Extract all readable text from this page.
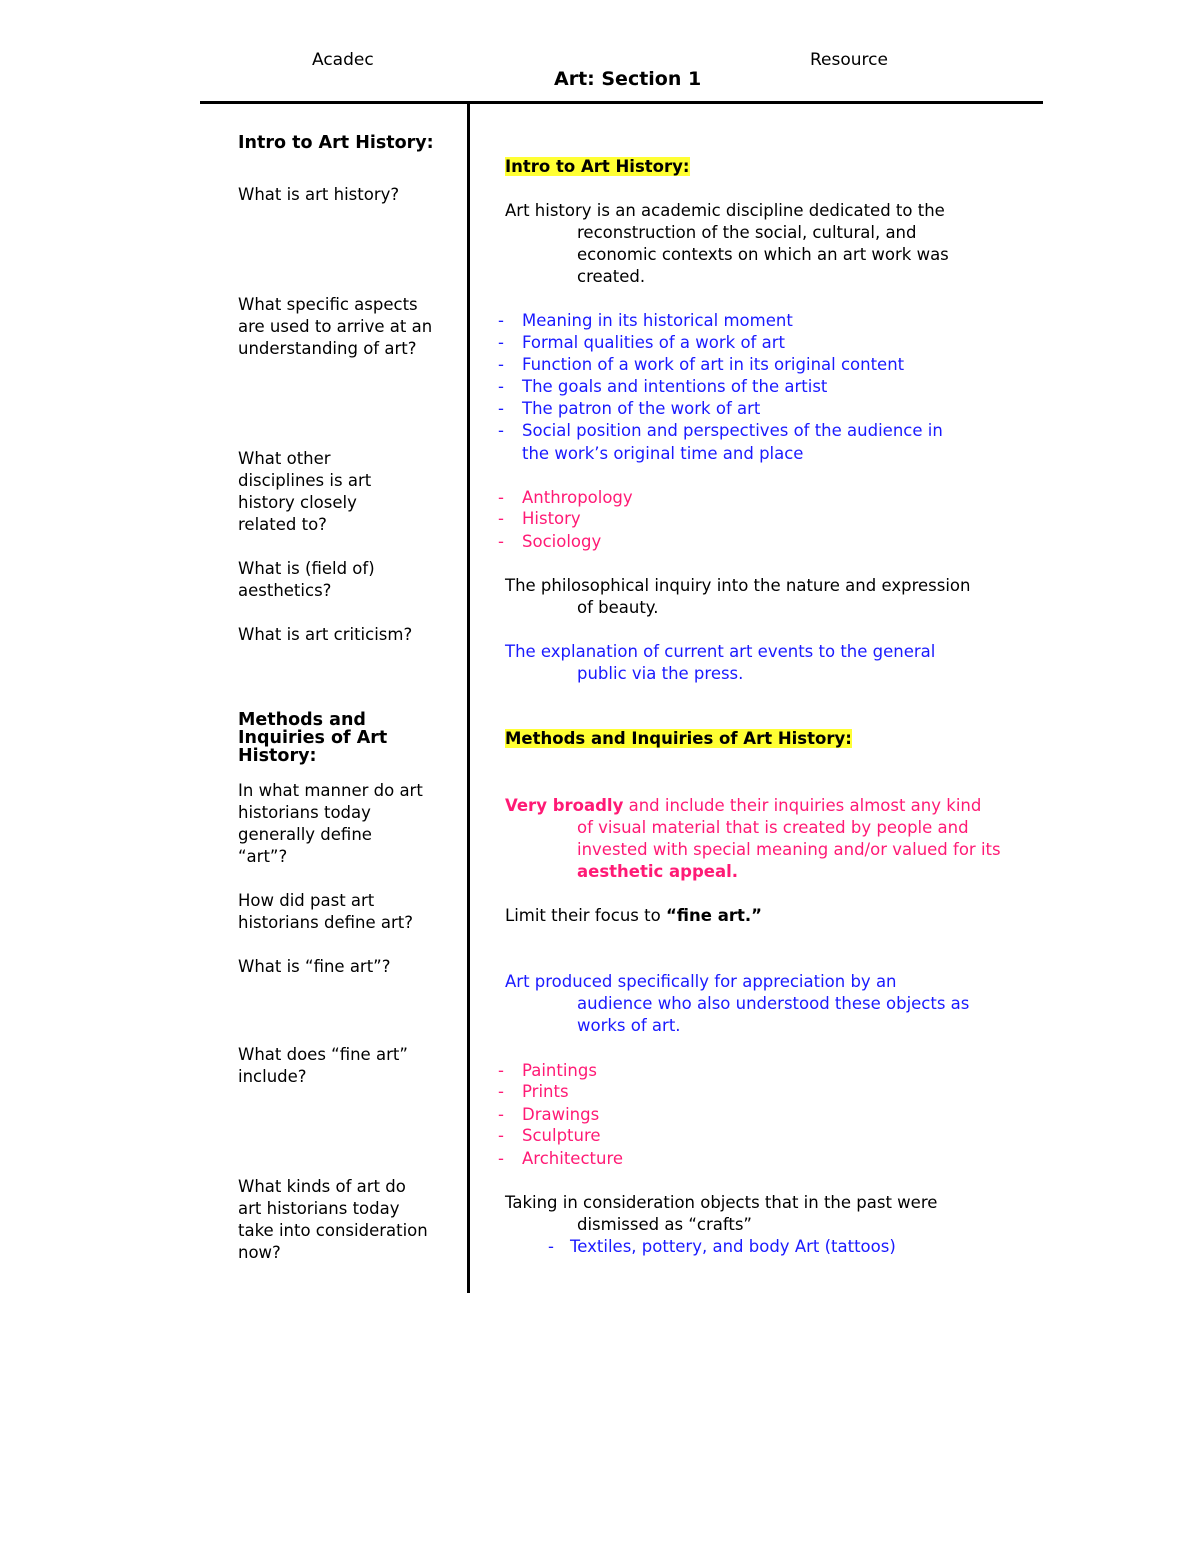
Acadec	Resource
Art: Section 1
Intro to Art History:
What is art history?
What specific aspects are used to arrive at an understanding of art?
What other disciplines is art history closely related to?
What is (field of) aesthetics?
What is art criticism?
Methods and Inquiries of Art History:
In what manner do art historians today generally define “art”?
How did past art historians define art?
What is “fine art”?
What does “fine art” include?
What kinds of art do art historians today take into consideration now?
Intro to Art History:
Art history is an academic discipline dedicated to the
reconstruction of the social, cultural, and economic contexts on which an art work was created.
- Meaning in its historical moment
- Formal qualities of a work of art
- Function of a work of art in its original content
- The goals and intentions of the artist
- The patron of the work of art
- Social position and perspectives of the audience in
the work’s original time and place
- Anthropology
- History
- Sociology
The philosophical inquiry into the nature and expression
of beauty.
The explanation of current art events to the general
public via the press.
Methods and Inquiries of Art History:
Very broadly and include their inquiries almost any kind
of visual material that is created by people and invested with special meaning and/or valued for its aesthetic appeal.
Limit their focus to “fine art.”
Art produced specifically for appreciation by an
audience who also understood these objects as works of art.
- Paintings
- Prints
- Drawings
- Sculpture
- Architecture
Taking in consideration objects that in the past were
dismissed as “crafts”
- Textiles, pottery, and body Art (tattoos)
